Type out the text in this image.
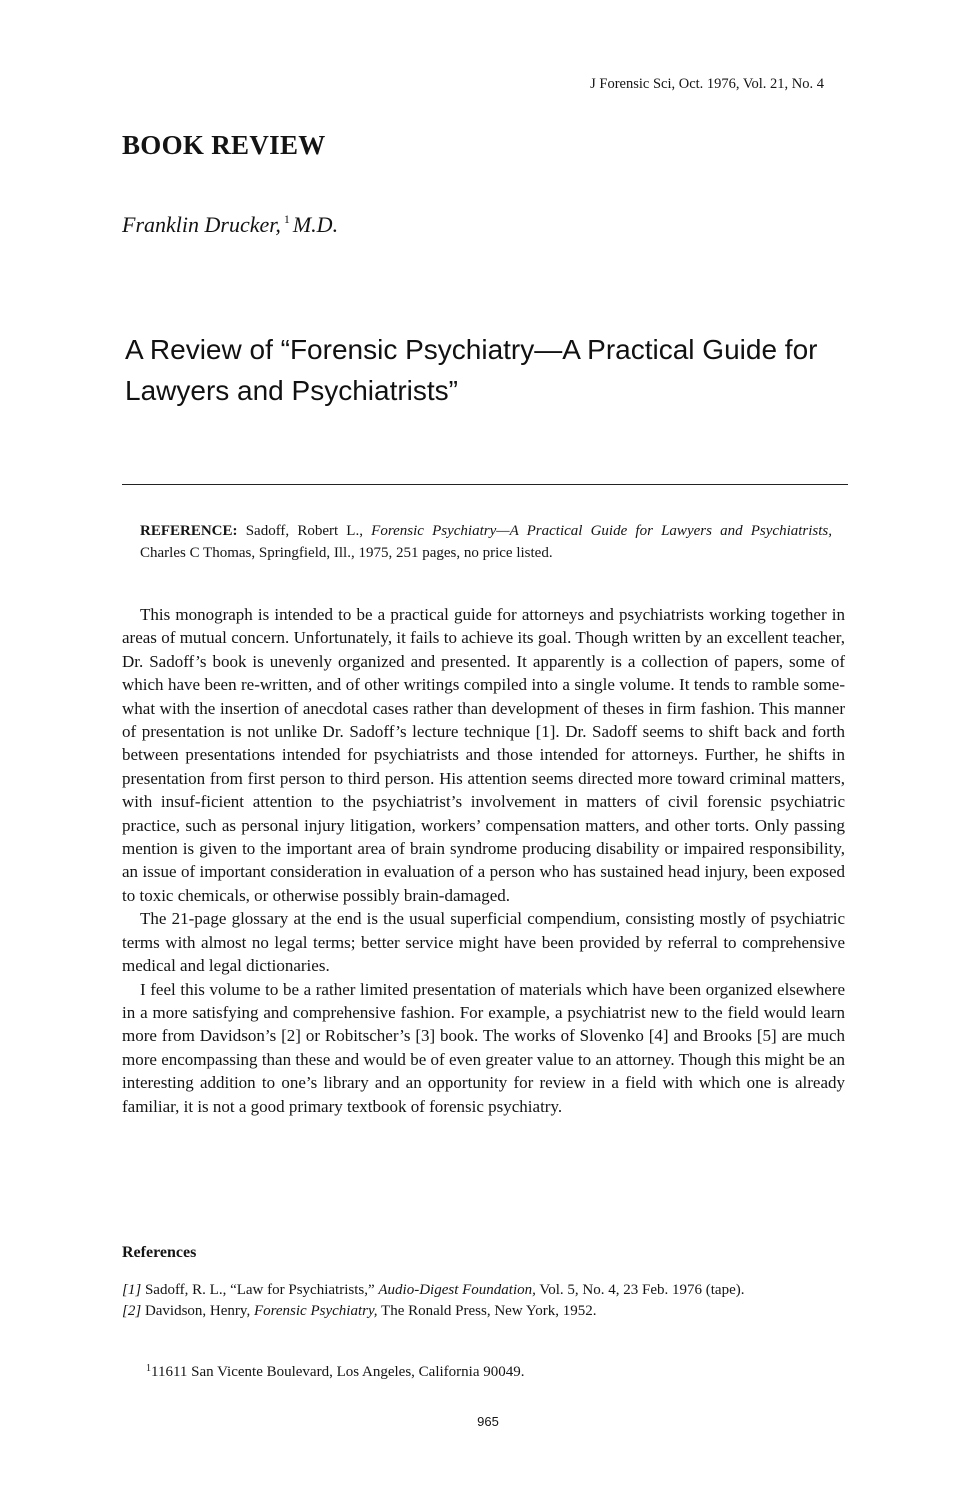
J Forensic Sci, Oct. 1976, Vol. 21, No. 4
BOOK REVIEW
Franklin Drucker, $^1$ M.D.
A Review of “Forensic Psychiatry—A Practical Guide for Lawyers and Psychiatrists”
REFERENCE: Sadoff, Robert L., Forensic Psychiatry—A Practical Guide for Lawyers and Psychiatrists, Charles C Thomas, Springfield, Ill., 1975, 251 pages, no price listed.

This monograph is intended to be a practical guide for attorneys and psychiatrists working together in areas of mutual concern. Unfortunately, it fails to achieve its goal. Though written by an excellent teacher, Dr. Sadoff’s book is unevenly organized and presented. It apparently is a collection of papers, some of which have been re-written, and of other writings compiled into a single volume. It tends to ramble some-what with the insertion of anecdotal cases rather than development of theses in firm fashion. This manner of presentation is not unlike Dr. Sadoff’s lecture technique [1]. Dr. Sadoff seems to shift back and forth between presentations intended for psychiatrists and those intended for attorneys. Further, he shifts in presentation from first person to third person. His attention seems directed more toward criminal matters, with insuf-ficient attention to the psychiatrist’s involvement in matters of civil forensic psychiatric practice, such as personal injury litigation, workers’ compensation matters, and other torts. Only passing mention is given to the important area of brain syndrome producing disability or impaired responsibility, an issue of important consideration in evaluation of a person who has sustained head injury, been exposed to toxic chemicals, or otherwise possibly brain-damaged.

The 21-page glossary at the end is the usual superficial compendium, consisting mostly of psychiatric terms with almost no legal terms; better service might have been provided by referral to comprehensive medical and legal dictionaries.

I feel this volume to be a rather limited presentation of materials which have been organized elsewhere in a more satisfying and comprehensive fashion. For example, a psychiatrist new to the field would learn more from Davidson’s [2] or Robitscher’s [3] book. The works of Slovenko [4] and Brooks [5] are much more encompassing than these and would be of even greater value to an attorney. Though this might be an interesting addition to one’s library and an opportunity for review in a field with which one is already familiar, it is not a good primary textbook of forensic psychiatry.

References
[1] Sadoff, R. L., “Law for Psychiatrists,” Audio-Digest Foundation, Vol. 5, No. 4, 23 Feb. 1976 (tape).
[2] Davidson, Henry, Forensic Psychiatry, The Ronald Press, New York, 1952.
$^1$11611 San Vicente Boulevard, Los Angeles, California 90049.
965
